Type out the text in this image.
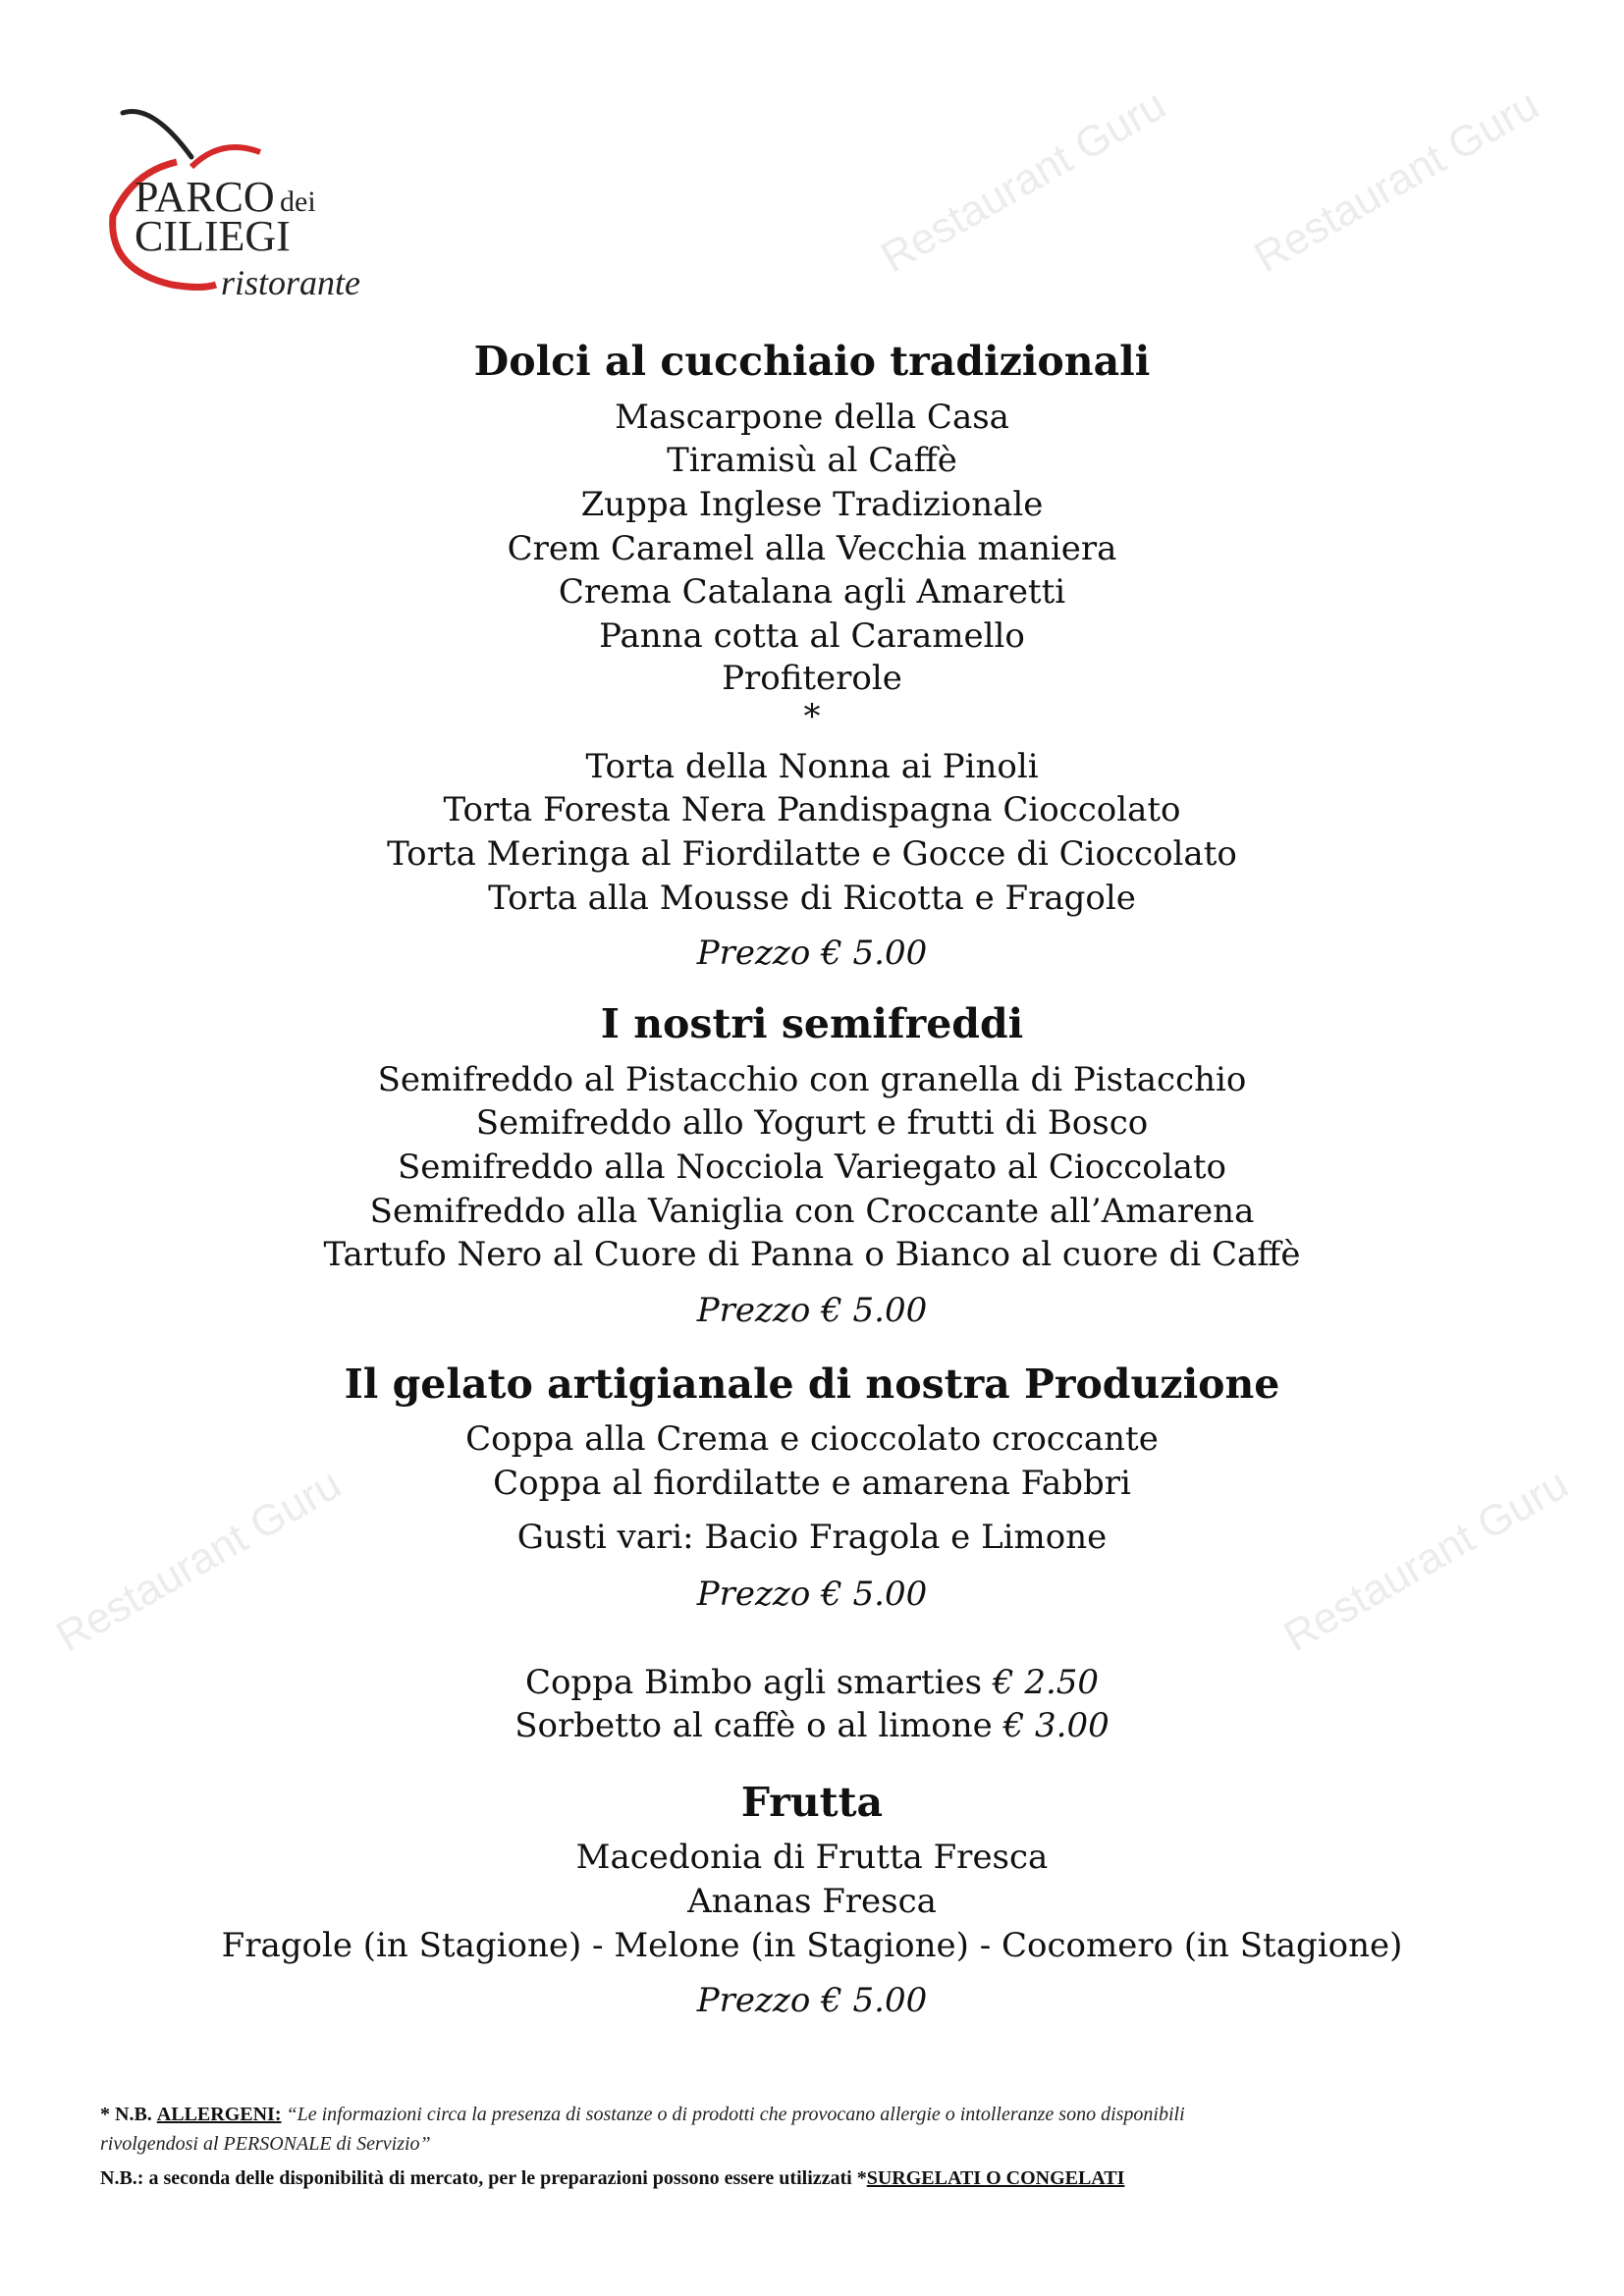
Restaurant Guru Restaurant Guru
Restaurant Guru
Restaurant Guru
PARCO dei
CILIEGI
ristorante
Dolci al cucchiaio tradizionali
Mascarpone della Casa
Tiramisù al Caffè
Zuppa Inglese Tradizionale
Crem Caramel alla Vecchia maniera
Crema Catalana agli Amaretti
Panna cotta al Caramello
Profiterole
*
Torta della Nonna ai Pinoli
Torta Foresta Nera Pandispagna Cioccolato
Torta Meringa al Fiordilatte e Gocce di Cioccolato
Torta alla Mousse di Ricotta e Fragole
Prezzo € 5.00
I nostri semifreddi
Semifreddo al Pistacchio con granella di Pistacchio
Semifreddo allo Yogurt e frutti di Bosco
Semifreddo alla Nocciola Variegato al Cioccolato
Semifreddo alla Vaniglia con Croccante all’Amarena
Tartufo Nero al Cuore di Panna o Bianco al cuore di Caffè
Prezzo € 5.00
Il gelato artigianale di nostra Produzione
Coppa alla Crema e cioccolato croccante
Coppa al fiordilatte e amarena Fabbri
Gusti vari: Bacio Fragola e Limone
Prezzo € 5.00
Coppa Bimbo agli smarties € 2.50
Sorbetto al caffè o al limone € 3.00
Frutta
Macedonia di Frutta Fresca
Ananas Fresca
Fragole (in Stagione) - Melone (in Stagione) - Cocomero (in Stagione)
Prezzo € 5.00
* N.B. ALLERGENI: “Le informazioni circa la presenza di sostanze o di prodotti che provocano allergie o intolleranze sono disponibili
rivolgendosi al PERSONALE di Servizio”
N.B.: a seconda delle disponibilità di mercato, per le preparazioni possono essere utilizzati *SURGELATI O CONGELATI
